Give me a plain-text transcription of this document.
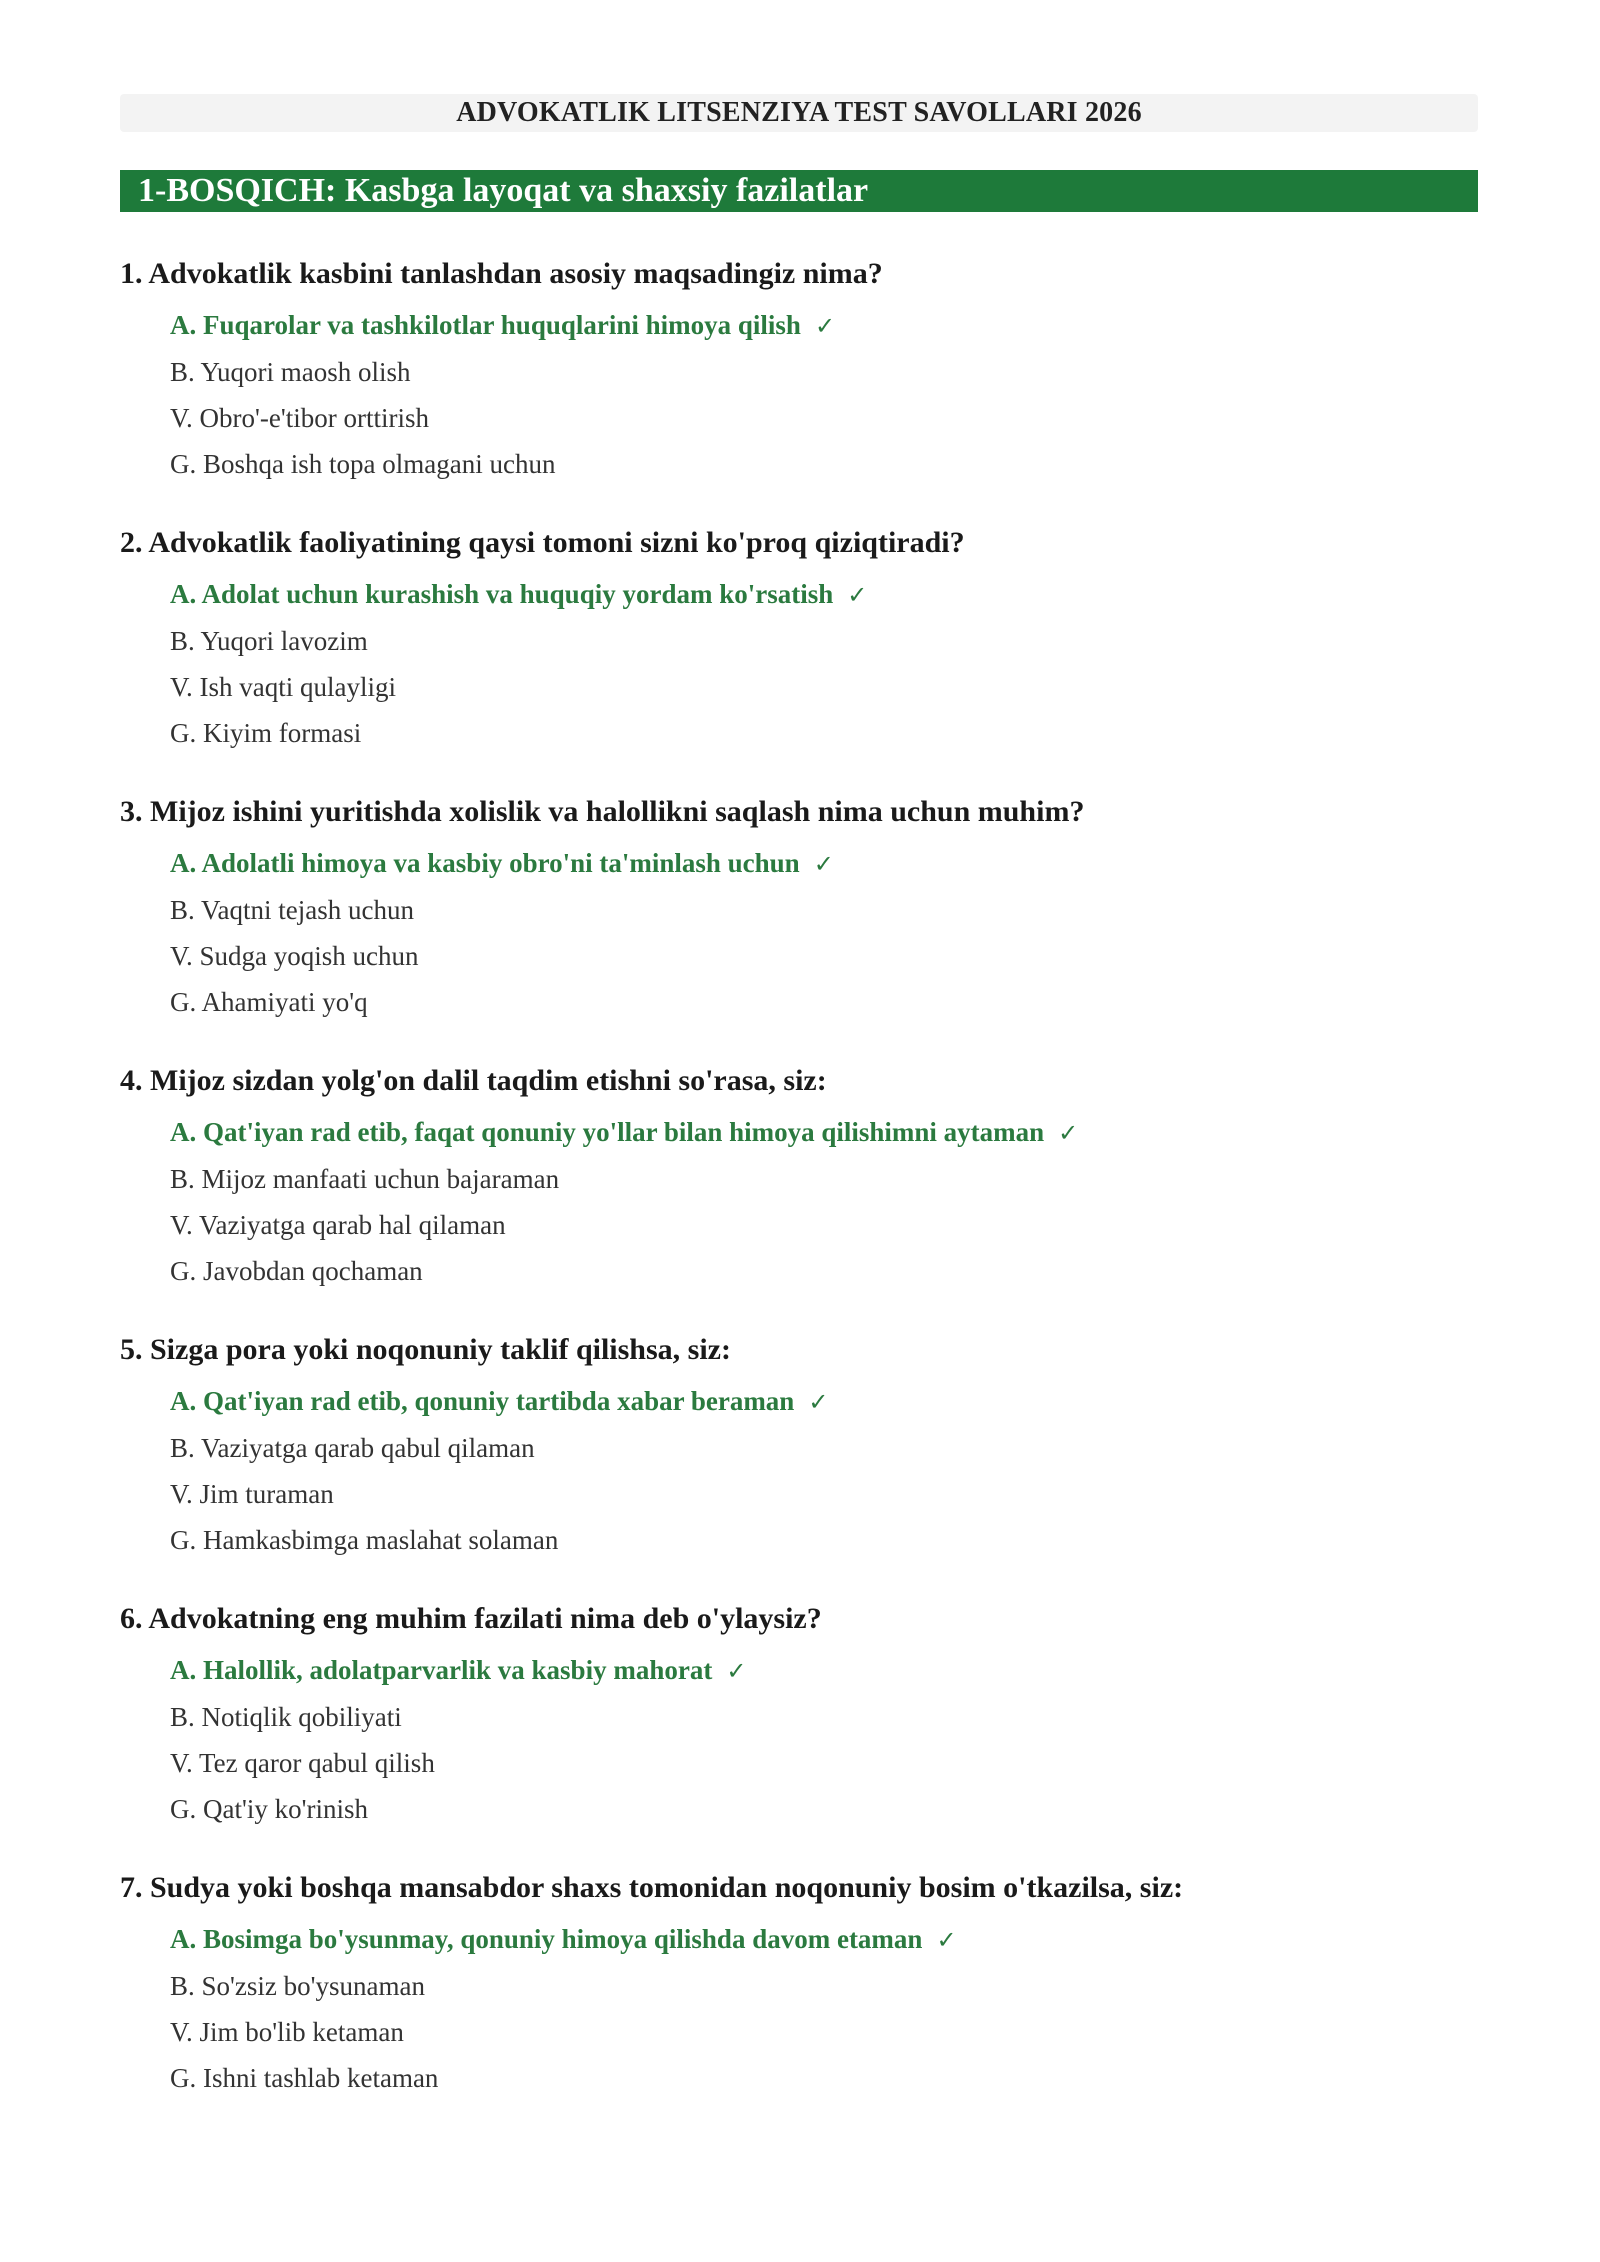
ADVOKATLIK LITSENZIYA TEST SAVOLLARI 2026
1-BOSQICH: Kasbga layoqat va shaxsiy fazilatlar
1. Advokatlik kasbini tanlashdan asosiy maqsadingiz nima?
A. Fuqarolar va tashkilotlar huquqlarini himoya qilish ✓
B. Yuqori maosh olish
V. Obro'-e'tibor orttirish
G. Boshqa ish topa olmagani uchun
2. Advokatlik faoliyatining qaysi tomoni sizni ko'proq qiziqtiradi?
A. Adolat uchun kurashish va huquqiy yordam ko'rsatish ✓
B. Yuqori lavozim
V. Ish vaqti qulayligi
G. Kiyim formasi
3. Mijoz ishini yuritishda xolislik va halollikni saqlash nima uchun muhim?
A. Adolatli himoya va kasbiy obro'ni ta'minlash uchun ✓
B. Vaqtni tejash uchun
V. Sudga yoqish uchun
G. Ahamiyati yo'q
4. Mijoz sizdan yolg'on dalil taqdim etishni so'rasa, siz:
A. Qat'iyan rad etib, faqat qonuniy yo'llar bilan himoya qilishimni aytaman ✓
B. Mijoz manfaati uchun bajaraman
V. Vaziyatga qarab hal qilaman
G. Javobdan qochaman
5. Sizga pora yoki noqonuniy taklif qilishsa, siz:
A. Qat'iyan rad etib, qonuniy tartibda xabar beraman ✓
B. Vaziyatga qarab qabul qilaman
V. Jim turaman
G. Hamkasbimga maslahat solaman
6. Advokatning eng muhim fazilati nima deb o'ylaysiz?
A. Halollik, adolatparvarlik va kasbiy mahorat ✓
B. Notiqlik qobiliyati
V. Tez qaror qabul qilish
G. Qat'iy ko'rinish
7. Sudya yoki boshqa mansabdor shaxs tomonidan noqonuniy bosim o'tkazilsa, siz:
A. Bosimga bo'ysunmay, qonuniy himoya qilishda davom etaman ✓
B. So'zsiz bo'ysunaman
V. Jim bo'lib ketaman
G. Ishni tashlab ketaman
